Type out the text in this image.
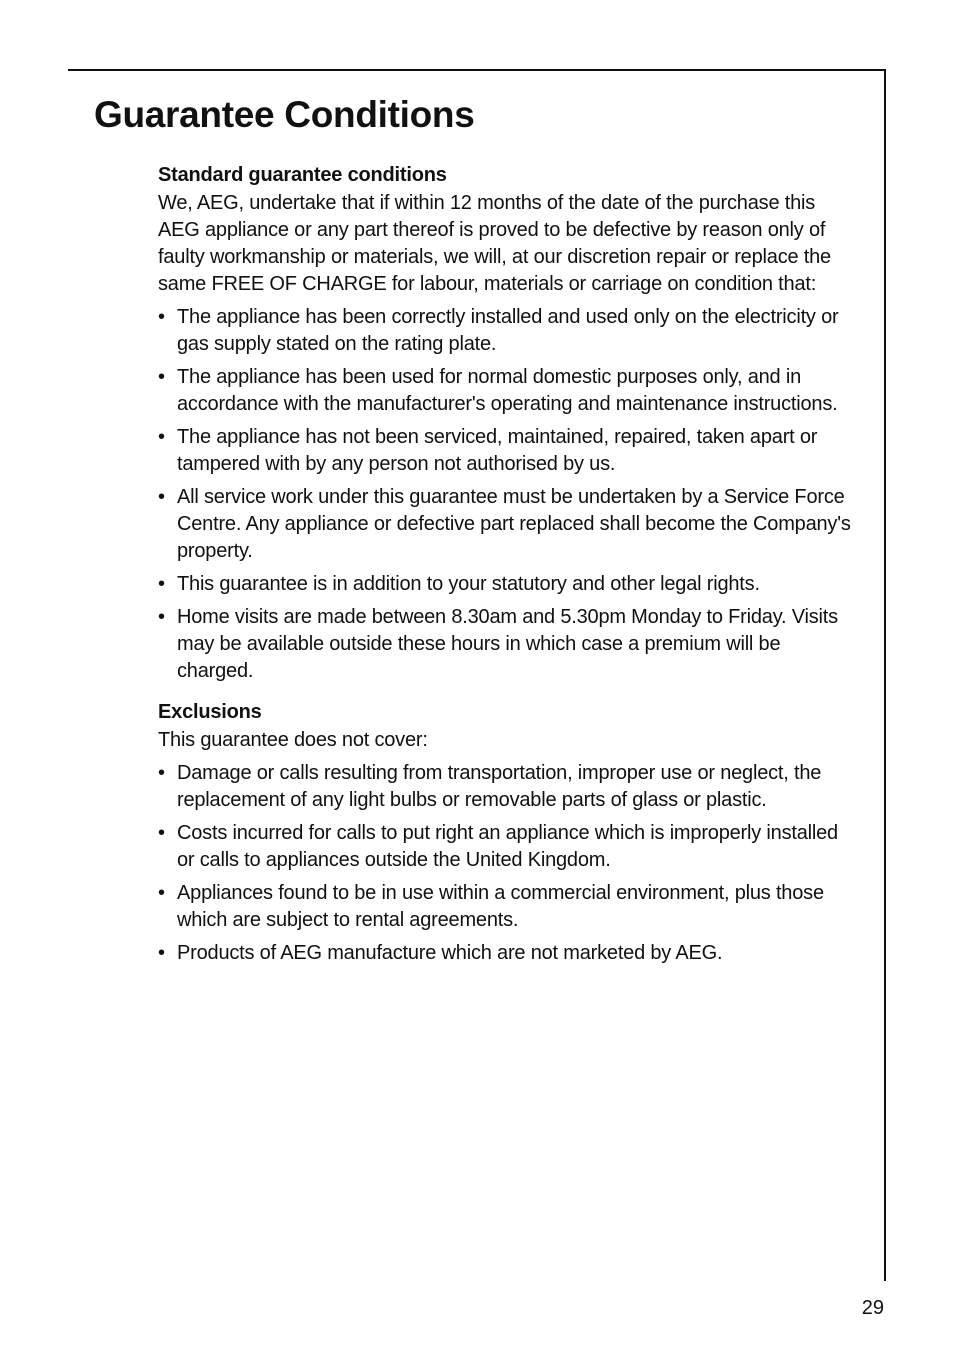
Guarantee Conditions
Standard guarantee conditions

We, AEG, undertake that if within 12 months of the date of the purchase this AEG appliance or any part thereof is proved to be defective by reason only of faulty workmanship or materials, we will, at our discretion repair or replace the same FREE OF CHARGE for labour, materials or carriage on condition that:

• The appliance has been correctly installed and used only on the electricity or gas supply stated on the rating plate.
• The appliance has been used for normal domestic purposes only, and in accordance with the manufacturer's operating and maintenance instructions.
• The appliance has not been serviced, maintained, repaired, taken apart or tampered with by any person not authorised by us.
• All service work under this guarantee must be undertaken by a Service Force Centre. Any appliance or defective part replaced shall become the Company's property.
• This guarantee is in addition to your statutory and other legal rights.
• Home visits are made between 8.30am and 5.30pm Monday to Friday. Visits may be available outside these hours in which case a premium will be charged.
Exclusions

This guarantee does not cover:

• Damage or calls resulting from transportation, improper use or neglect, the replacement of any light bulbs or removable parts of glass or plastic.
• Costs incurred for calls to put right an appliance which is improperly installed or calls to appliances outside the United Kingdom.
• Appliances found to be in use within a commercial environment, plus those which are subject to rental agreements.
• Products of AEG manufacture which are not marketed by AEG.
29
